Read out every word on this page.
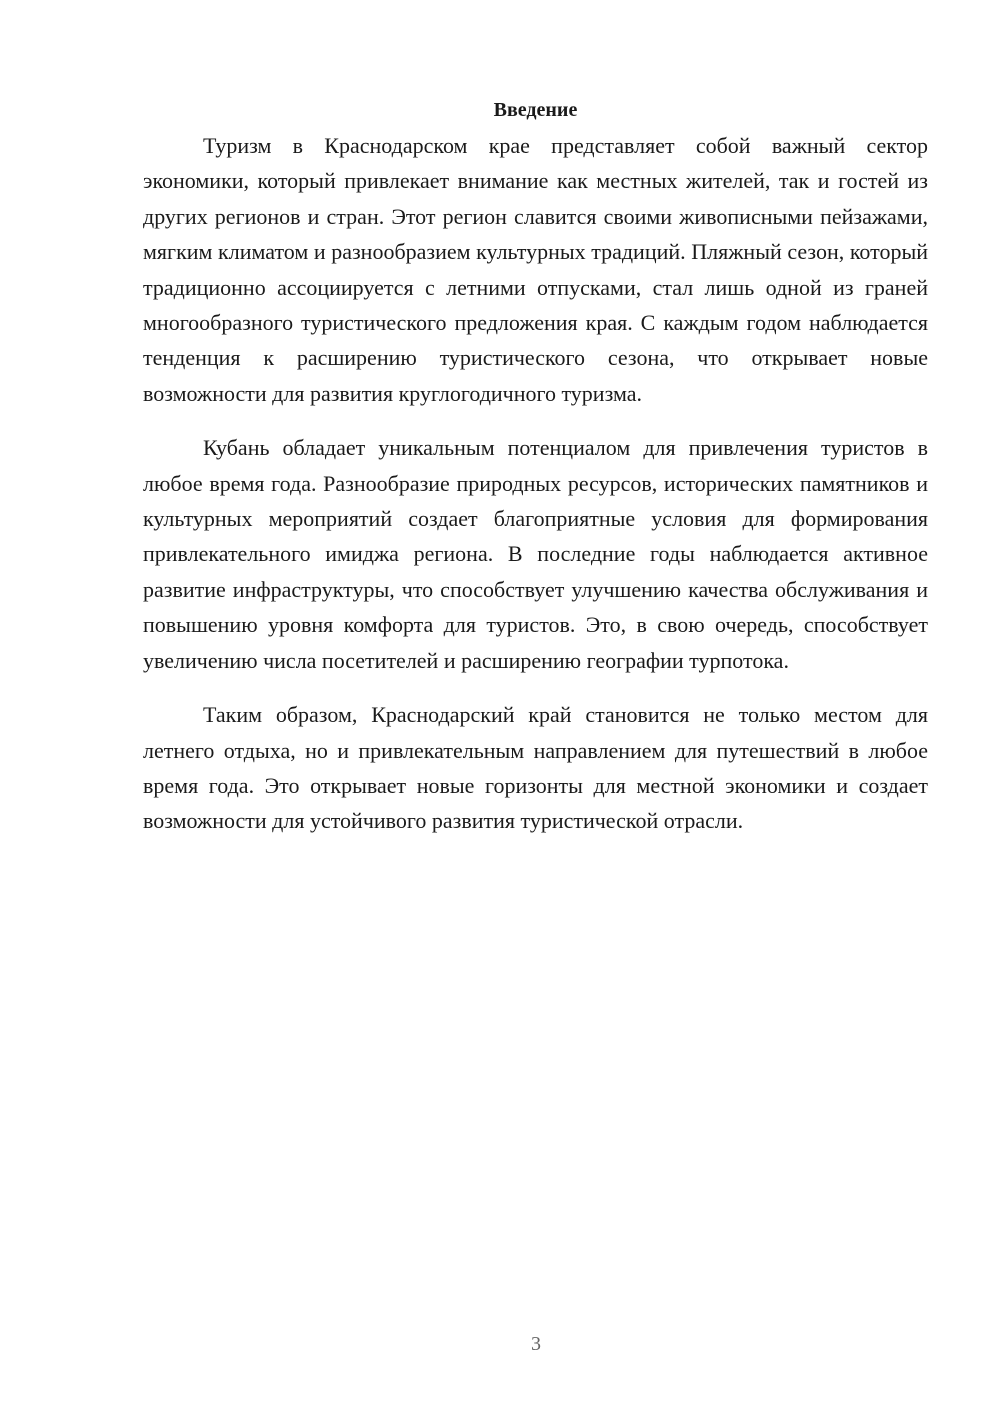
Введение

Туризм в Краснодарском крае представляет собой важный сектор экономики, который привлекает внимание как местных жителей, так и гостей из других регионов и стран. Этот регион славится своими живописными пейзажами, мягким климатом и разнообразием культурных традиций. Пляжный сезон, который традиционно ассоциируется с летними отпусками, стал лишь одной из граней многообразного туристического предложения края. С каждым годом наблюдается тенденция к расширению туристического сезона, что открывает новые возможности для развития круглогодичного туризма.

Кубань обладает уникальным потенциалом для привлечения туристов в любое время года. Разнообразие природных ресурсов, исторических памятников и культурных мероприятий создает благоприятные условия для формирования привлекательного имиджа региона. В последние годы наблюдается активное развитие инфраструктуры, что способствует улучшению качества обслуживания и повышению уровня комфорта для туристов. Это, в свою очередь, способствует увеличению числа посетителей и расширению географии турпотока.

Таким образом, Краснодарский край становится не только местом для летнего отдыха, но и привлекательным направлением для путешествий в любое время года. Это открывает новые горизонты для местной экономики и создает возможности для устойчивого развития туристической отрасли.

3
